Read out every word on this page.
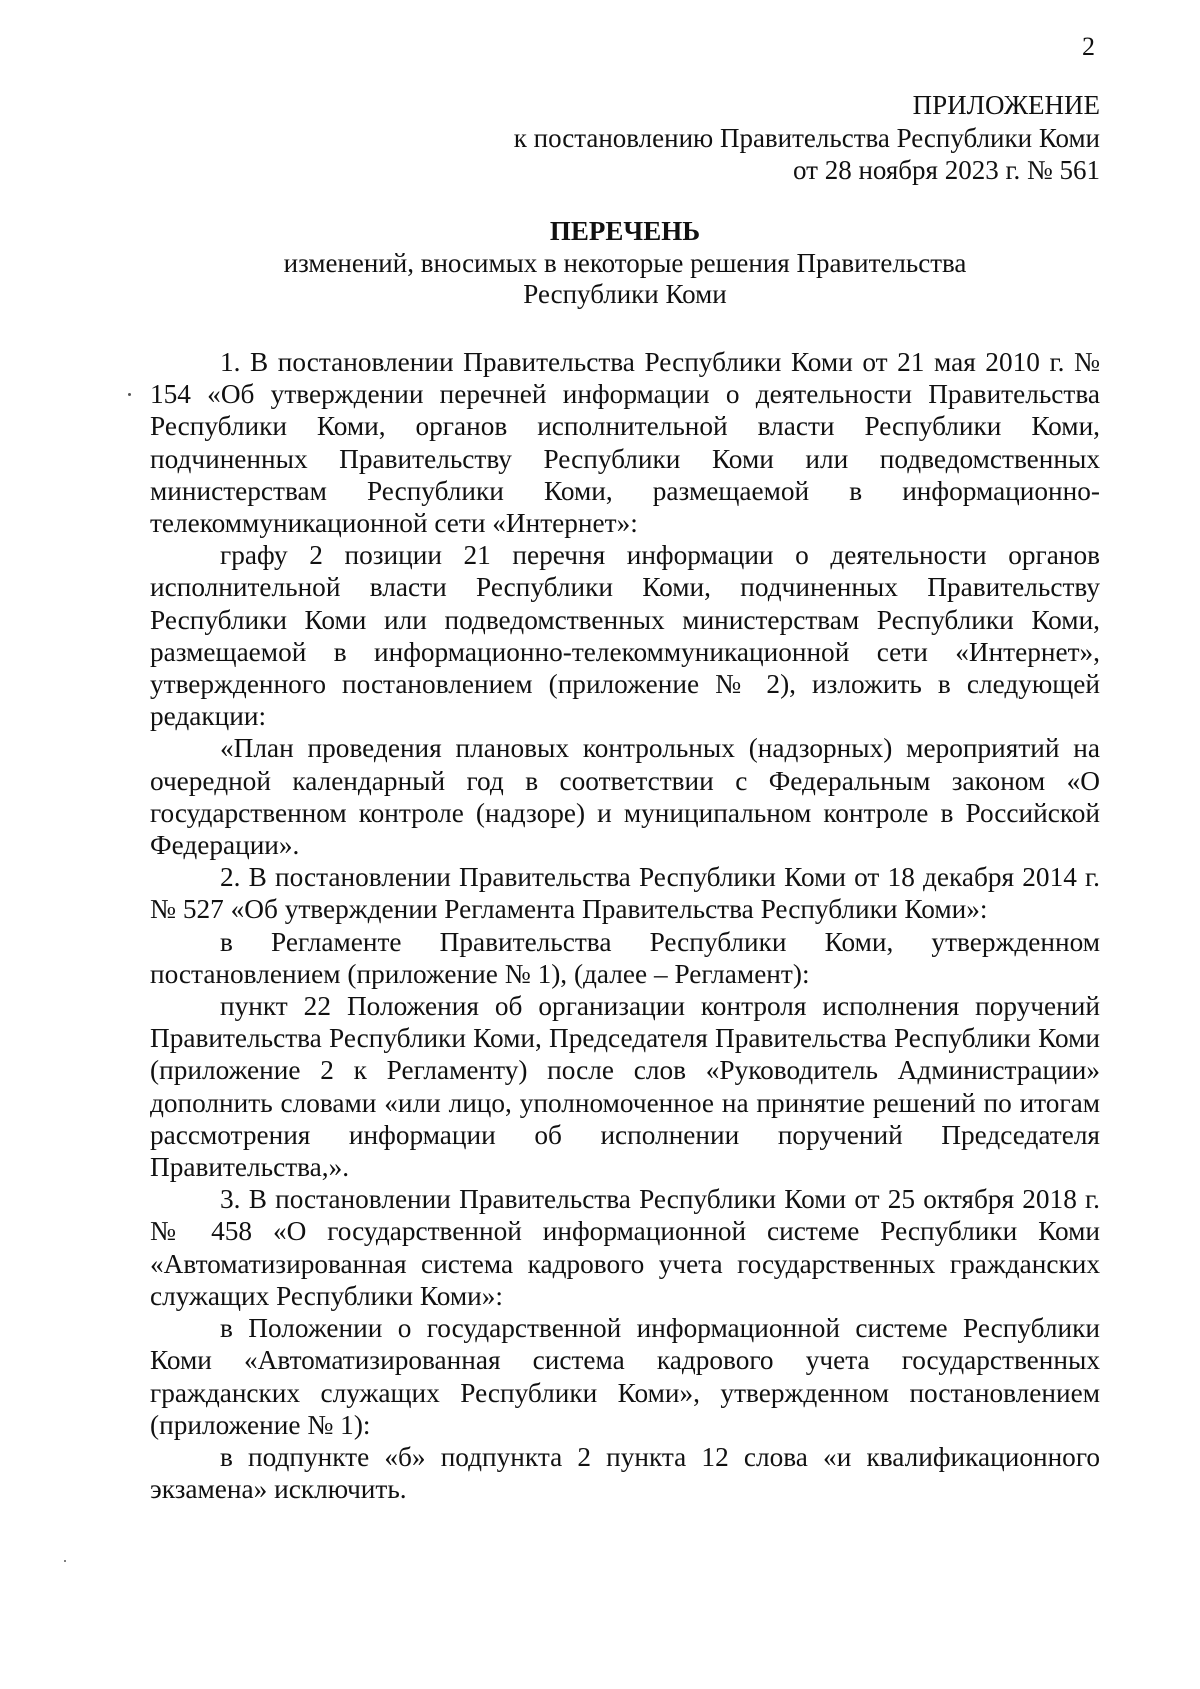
2
ПРИЛОЖЕНИЕ
к постановлению Правительства Республики Коми
от 28 ноября 2023 г. № 561
ПЕРЕЧЕНЬ
изменений, вносимых в некоторые решения Правительства
Республики Коми

1. В постановлении Правительства Республики Коми от 21 мая 2010 г. № 154 «Об утверждении перечней информации о деятельности Правительства Республики Коми, органов исполнительной власти Республики Коми, подчиненных Правительству Республики Коми или подведомственных министерствам Республики Коми, размещаемой в информационно-телекоммуникационной сети «Интернет»:

графу 2 позиции 21 перечня информации о деятельности органов исполнительной власти Республики Коми, подчиненных Правительству Республики Коми или подведомственных министерствам Республики Коми, размещаемой в информационно-телекоммуникационной сети «Интернет», утвержденного постановлением (приложение № 2), изложить в следующей редакции:

«План проведения плановых контрольных (надзорных) мероприятий на очередной календарный год в соответствии с Федеральным законом «О государственном контроле (надзоре) и муниципальном контроле в Российской Федерации».

2. В постановлении Правительства Республики Коми от 18 декабря 2014 г. № 527 «Об утверждении Регламента Правительства Республики Коми»:

в Регламенте Правительства Республики Коми, утвержденном постановлением (приложение № 1), (далее – Регламент):

пункт 22 Положения об организации контроля исполнения поручений Правительства Республики Коми, Председателя Правительства Республики Коми (приложение 2 к Регламенту) после слов «Руководитель Администрации» дополнить словами «или лицо, уполномоченное на принятие решений по итогам рассмотрения информации об исполнении поручений Председателя Правительства,».

3. В постановлении Правительства Республики Коми от 25 октября 2018 г. № 458 «О государственной информационной системе Республики Коми «Автоматизированная система кадрового учета государственных гражданских служащих Республики Коми»:

в Положении о государственной информационной системе Республики Коми «Автоматизированная система кадрового учета государственных гражданских служащих Республики Коми», утвержденном постановлением (приложение № 1):

в подпункте «б» подпункта 2 пункта 12 слова «и квалификационного экзамена» исключить.
